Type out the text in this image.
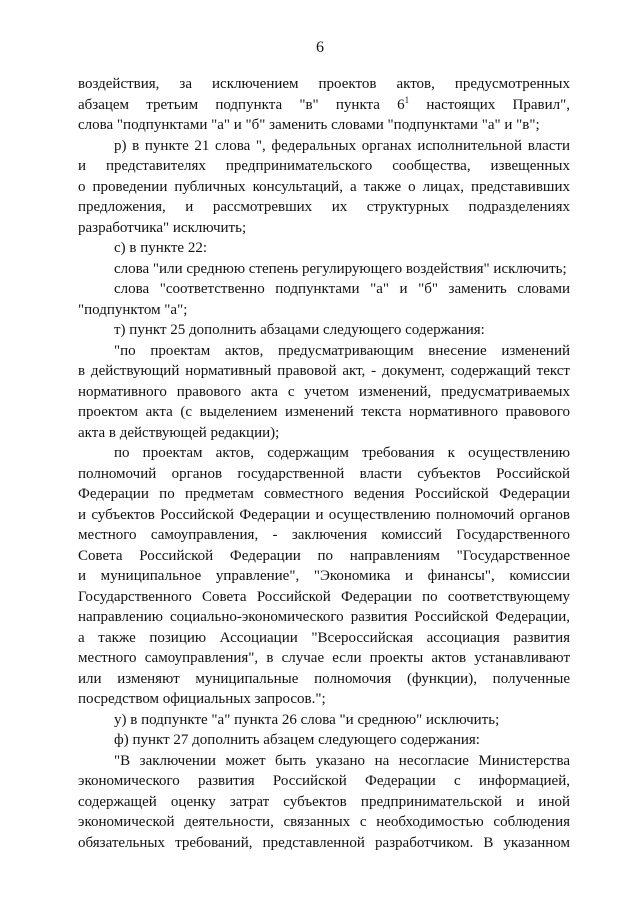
6
воздействия, за исключением проектов актов, предусмотренных
абзацем третьим подпункта "в" пункта $6^1$ настоящих Правил",
слова "подпунктами "а" и "б" заменить словами "подпунктами "а" и "в";
р) в пункте 21 слова ", федеральных органах исполнительной власти
и представителях предпринимательского сообщества, извещенных
о проведении публичных консультаций, а также о лицах, представивших
предложения, и рассмотревших их структурных подразделениях
разработчика" исключить;
с) в пункте 22:
слова "или среднюю степень регулирующего воздействия" исключить;
слова "соответственно подпунктами "а" и "б" заменить словами
"подпунктом "а";
т) пункт 25 дополнить абзацами следующего содержания:
"по проектам актов, предусматривающим внесение изменений
в действующий нормативный правовой акт, - документ, содержащий текст
нормативного правового акта с учетом изменений, предусматриваемых
проектом акта (с выделением изменений текста нормативного правового
акта в действующей редакции);
по проектам актов, содержащим требования к осуществлению
полномочий органов государственной власти субъектов Российской
Федерации по предметам совместного ведения Российской Федерации
и субъектов Российской Федерации и осуществлению полномочий органов
местного самоуправления, - заключения комиссий Государственного
Совета Российской Федерации по направлениям "Государственное
и муниципальное управление", "Экономика и финансы", комиссии
Государственного Совета Российской Федерации по соответствующему
направлению социально-экономического развития Российской Федерации,
а также позицию Ассоциации "Всероссийская ассоциация развития
местного самоуправления", в случае если проекты актов устанавливают
или изменяют муниципальные полномочия (функции), полученные
посредством официальных запросов.";
у) в подпункте "а" пункта 26 слова "и среднюю" исключить;
ф) пункт 27 дополнить абзацем следующего содержания:
"В заключении может быть указано на несогласие Министерства
экономического развития Российской Федерации с информацией,
содержащей оценку затрат субъектов предпринимательской и иной
экономической деятельности, связанных с необходимостью соблюдения
обязательных требований, представленной разработчиком. В указанном
